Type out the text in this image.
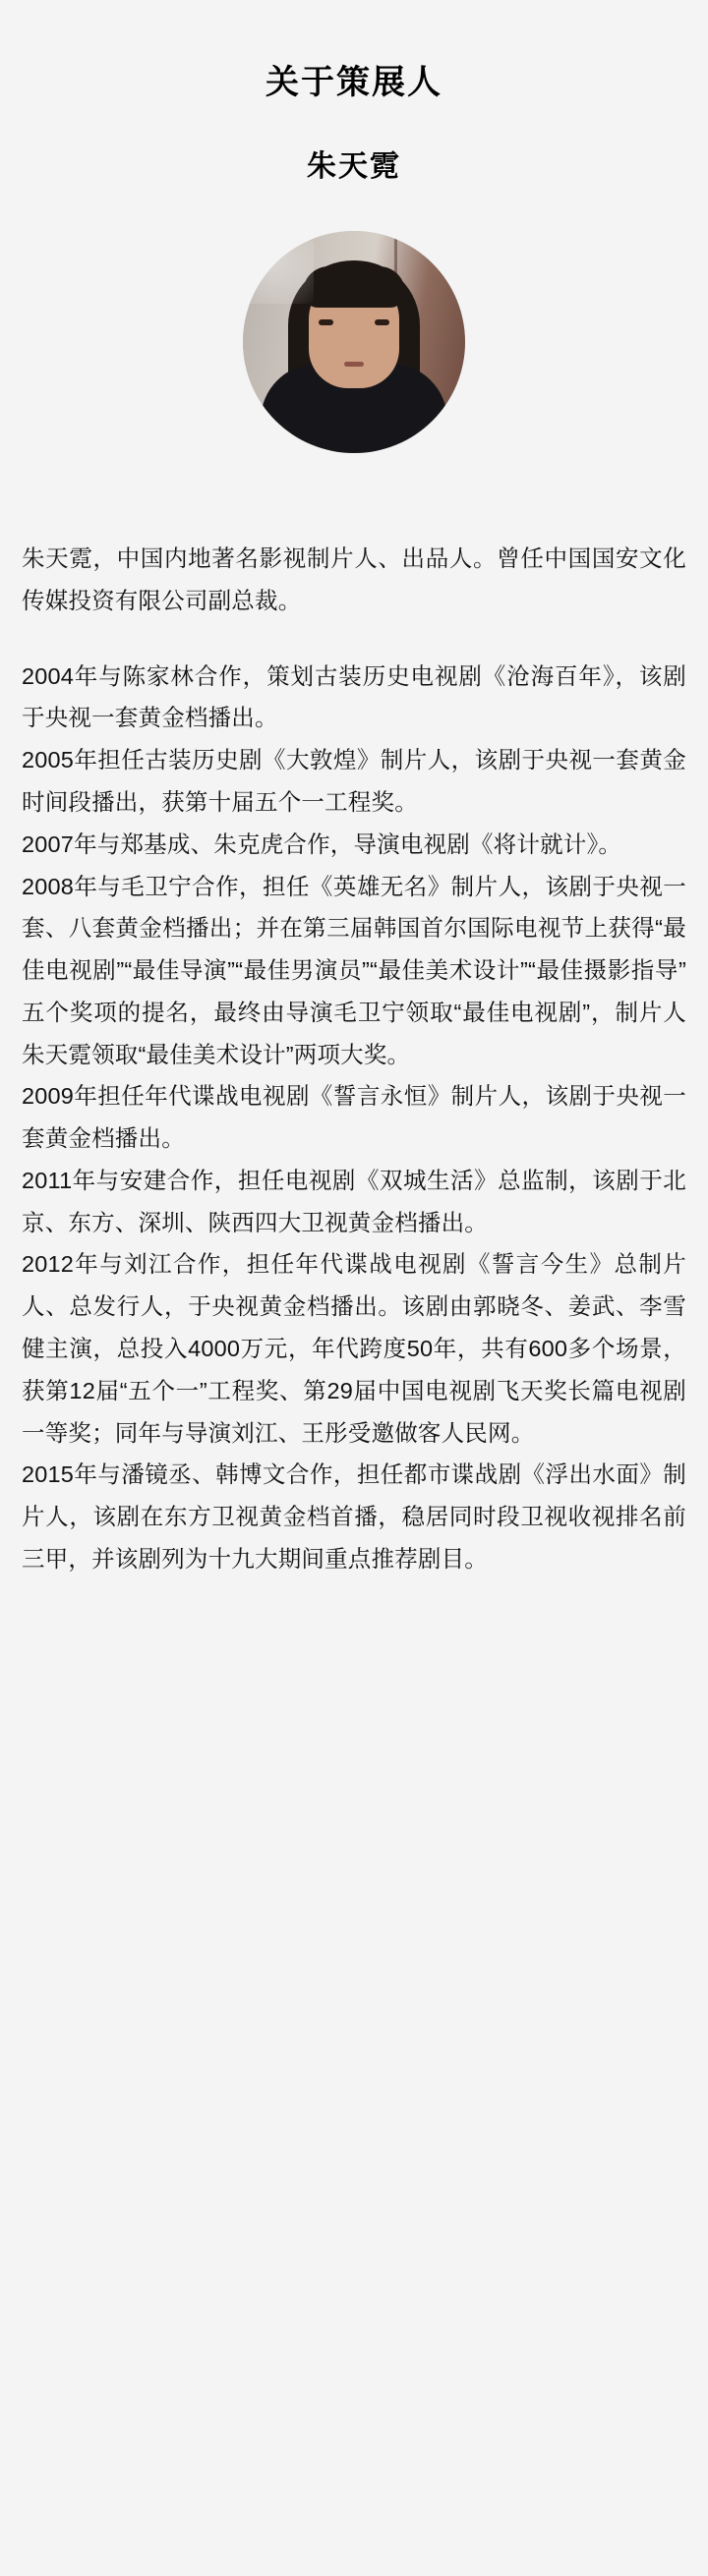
关于策展人
朱天霓

朱天霓，中国内地著名影视制片人、出品人。曾任中国国安文化传媒投资有限公司副总裁。

2004年与陈家林合作，策划古装历史电视剧《沧海百年》，该剧于央视一套黄金档播出。

2005年担任古装历史剧《大敦煌》制片人，该剧于央视一套黄金时间段播出，获第十届五个一工程奖。

2007年与郑基成、朱克虎合作，导演电视剧《将计就计》。

2008年与毛卫宁合作，担任《英雄无名》制片人，该剧于央视一套、八套黄金档播出；并在第三届韩国首尔国际电视节上获得“最佳电视剧”“最佳导演”“最佳男演员”“最佳美术设计”“最佳摄影指导”五个奖项的提名，最终由导演毛卫宁领取“最佳电视剧”，制片人朱天霓领取“最佳美术设计”两项大奖。

2009年担任年代谍战电视剧《誓言永恒》制片人，该剧于央视一套黄金档播出。

2011年与安建合作，担任电视剧《双城生活》总监制，该剧于北京、东方、深圳、陕西四大卫视黄金档播出。

2012年与刘江合作，担任年代谍战电视剧《誓言今生》总制片人、总发行人，于央视黄金档播出。该剧由郭晓冬、姜武、李雪健主演，总投入4000万元，年代跨度50年，共有600多个场景，获第12届“五个一”工程奖、第29届中国电视剧飞天奖长篇电视剧一等奖；同年与导演刘江、王彤受邀做客人民网。

2015年与潘镜丞、韩博文合作，担任都市谍战剧《浮出水面》制片人，该剧在东方卫视黄金档首播，稳居同时段卫视收视排名前三甲，并该剧列为十九大期间重点推荐剧目。
